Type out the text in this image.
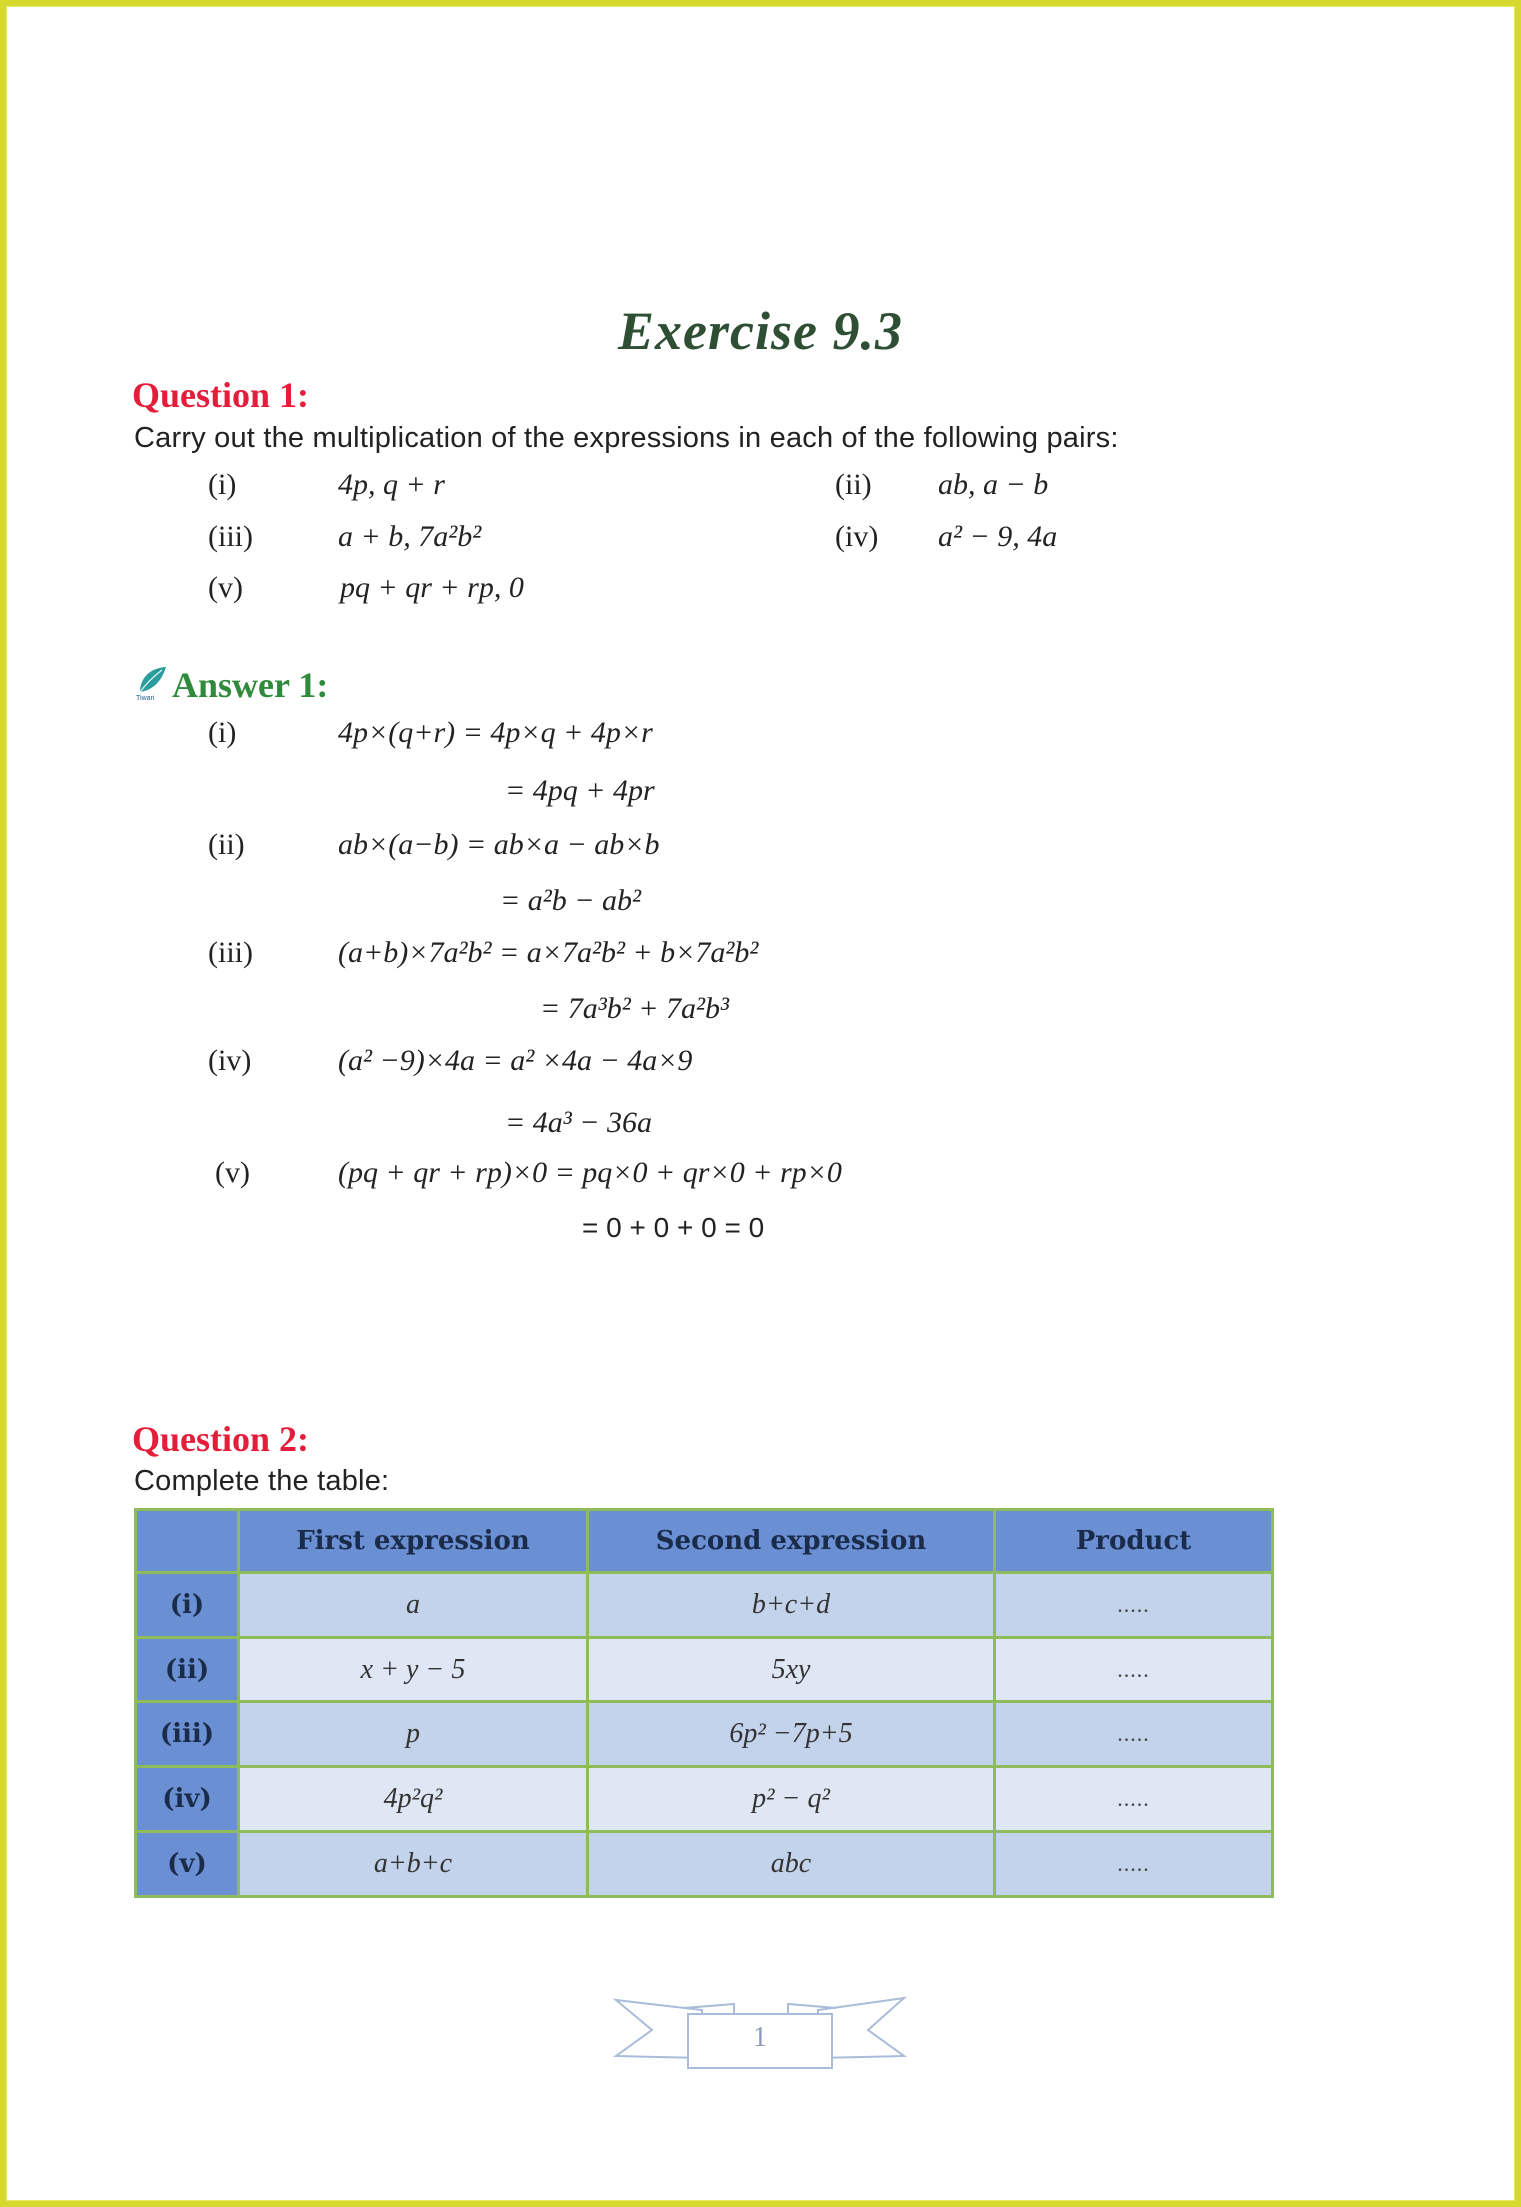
Exercise 9.3
Question 1:
Carry out the multiplication of the expressions in each of the following pairs:
(i)	4p, q + r	(ii) ab, a − b
(iii)	a + b, 7a²b²	(iv) a² − 9, 4a
(v)	pq + qr + rp, 0
Tiwari Answer 1:
(i)	4p×(q+r) = 4p×q + 4p×r
= 4pq + 4pr
(ii)	ab×(a−b) = ab×a − ab×b
= a²b − ab²
(iii)	(a+b)×7a²b² = a×7a²b² + b×7a²b²
= 7a³b² + 7a²b³
(iv)	(a² −9)×4a = a² ×4a − 4a×9
= 4a³ − 36a
(v)	(pq + qr + rp)×0 = pq×0 + qr×0 + rp×0
= 0 + 0 + 0 = 0
Question 2:
Complete the table:
	First expression	Second expression	Product
(i)	a	b+c+d	.....
(ii)	x + y − 5	5xy	.....
(iii)	p	6p² −7p+5	.....
(iv)	4p²q²	p² − q²	.....
(v)	a+b+c	abc	.....
1
